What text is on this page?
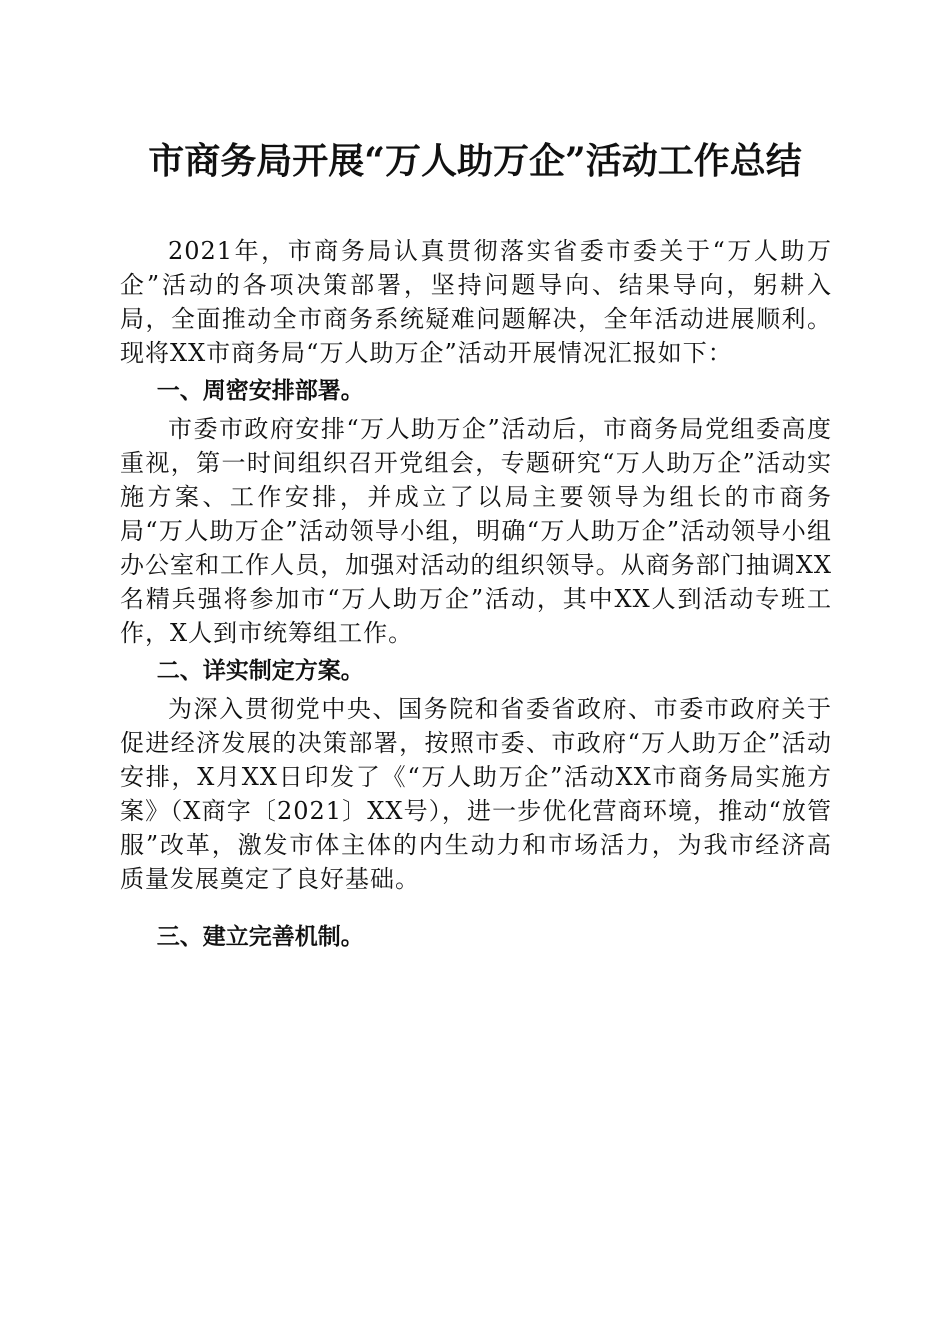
市商务局开展“万人助万企”活动工作总结

2021年，市商务局认真贯彻落实省委市委关于“万人助万企”活动的各项决策部署，坚持问题导向、结果导向，躬耕入局，全面推动全市商务系统疑难问题解决，全年活动进展顺利。现将XX市商务局“万人助万企”活动开展情况汇报如下：

一、周密安排部署。

市委市政府安排“万人助万企”活动后，市商务局党组委高度重视，第一时间组织召开党组会，专题研究“万人助万企”活动实施方案、工作安排，并成立了以局主要领导为组长的市商务局“万人助万企”活动领导小组，明确“万人助万企”活动领导小组办公室和工作人员，加强对活动的组织领导。从商务部门抽调XX名精兵强将参加市“万人助万企”活动，其中XX人到活动专班工作，X人到市统筹组工作。

二、详实制定方案。

为深入贯彻党中央、国务院和省委省政府、市委市政府关于促进经济发展的决策部署，按照市委、市政府“万人助万企”活动安排，X月XX日印发了《“万人助万企”活动XX市商务局实施方案》（X商字〔2021〕XX号），进一步优化营商环境，推动“放管服”改革，激发市体主体的内生动力和市场活力，为我市经济高质量发展奠定了良好基础。

三、建立完善机制。
